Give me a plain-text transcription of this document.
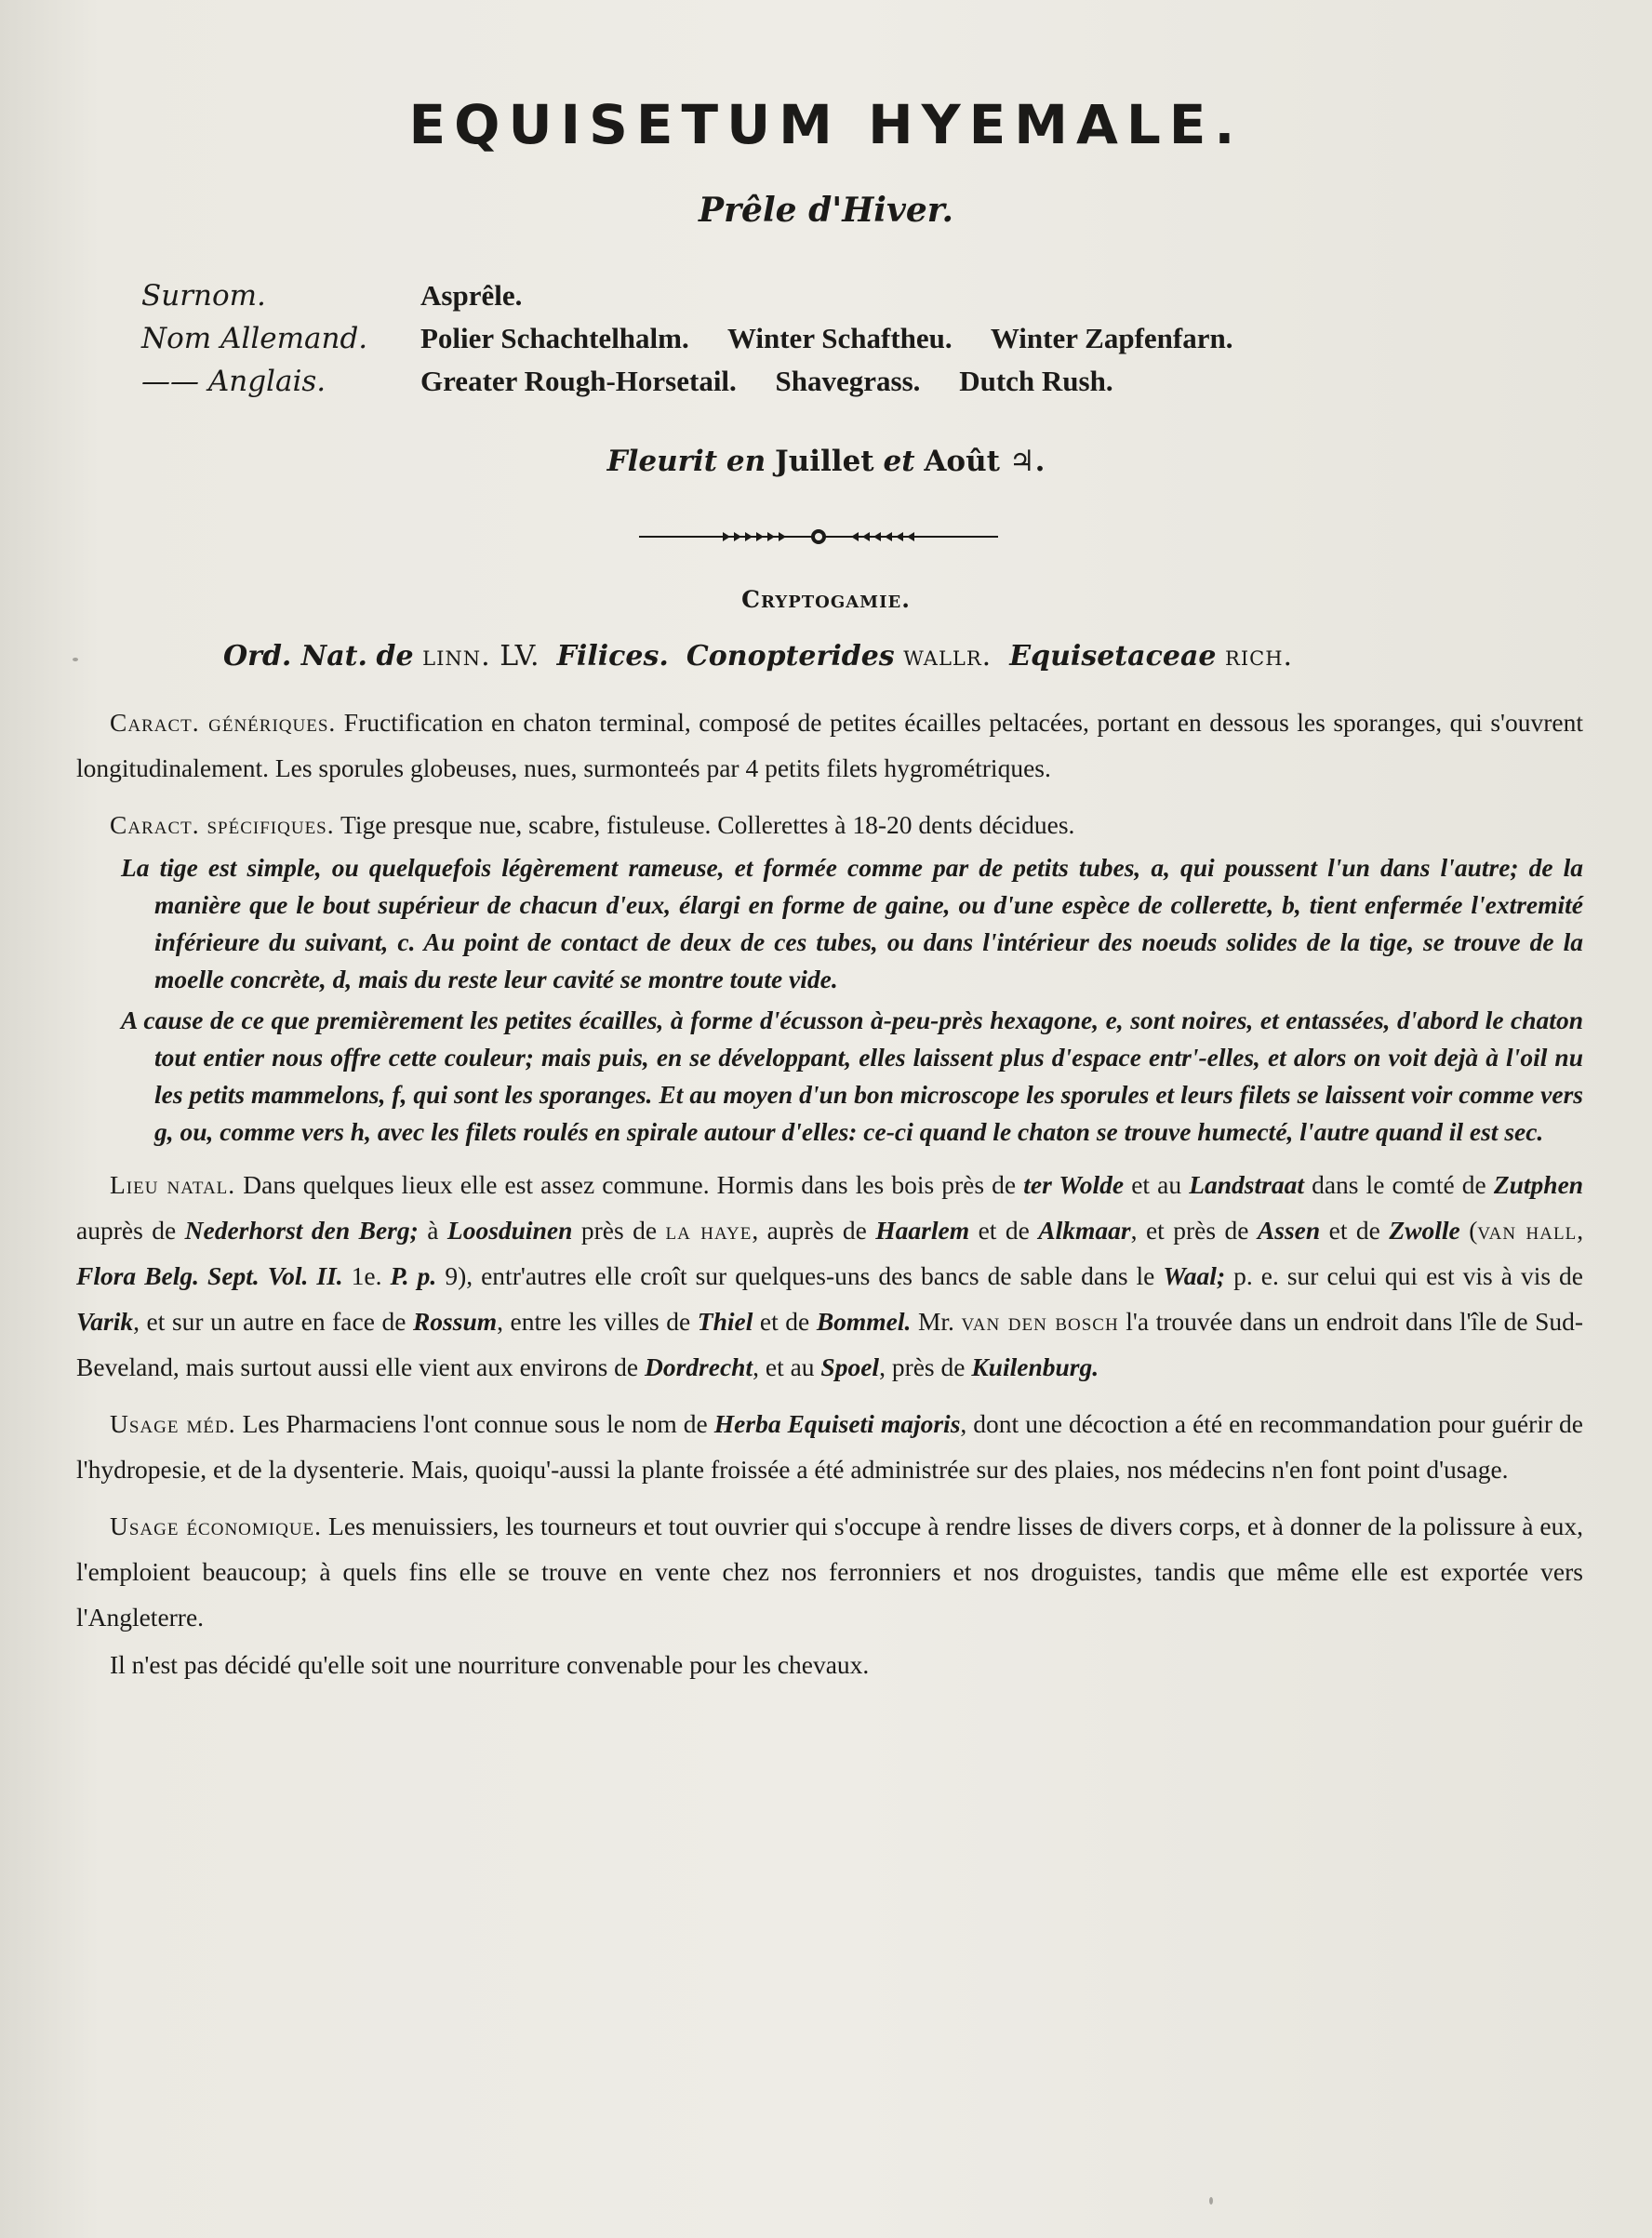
EQUISETUM HYEMALE.
Prêle d'Hiver.
Surnom.	Asprêle.
Nom Allemand.	Polier Schachtelhalm. Winter Schaftheu. Winter Zapfenfarn.
—— Anglais.	Greater Rough-Horsetail. Shavegrass. Dutch Rush.
Fleurit en Juillet et Août ♃.
Cryptogamie.
Ord. Nat. de linn. LV. Filices. Conopterides wallr. Equisetaceae rich.

Caract. génériques. Fructification en chaton terminal, composé de petites écailles peltacées, portant en dessous les sporanges, qui s'ouvrent longitudinalement. Les sporules globeuses, nues, surmonteés par 4 petits filets hygrométriques.

Caract. spécifiques. Tige presque nue, scabre, fistuleuse. Collerettes à 18-20 dents décidues.

La tige est simple, ou quelquefois légèrement rameuse, et formée comme par de petits tubes, a, qui poussent l'un dans l'autre; de la manière que le bout supérieur de chacun d'eux, élargi en forme de gaine, ou d'une espèce de collerette, b, tient enfermée l'extremité inférieure du suivant, c. Au point de contact de deux de ces tubes, ou dans l'intérieur des noeuds solides de la tige, se trouve de la moelle concrète, d, mais du reste leur cavité se montre toute vide.

A cause de ce que premièrement les petites écailles, à forme d'écusson à-peu-près hexagone, e, sont noires, et entassées, d'abord le chaton tout entier nous offre cette couleur; mais puis, en se développant, elles laissent plus d'espace entr'-elles, et alors on voit dejà à l'oil nu les petits mammelons, f, qui sont les sporanges. Et au moyen d'un bon microscope les sporules et leurs filets se laissent voir comme vers g, ou, comme vers h, avec les filets roulés en spirale autour d'elles: ce-ci quand le chaton se trouve humecté, l'autre quand il est sec.

Lieu natal. Dans quelques lieux elle est assez commune. Hormis dans les bois près de ter Wolde et au Landstraat dans le comté de Zutphen auprès de Nederhorst den Berg; à Loosduinen près de la haye, auprès de Haarlem et de Alkmaar, et près de Assen et de Zwolle (van hall, Flora Belg. Sept. Vol. II. 1e. P. p. 9), entr'autres elle croît sur quelques-uns des bancs de sable dans le Waal; p. e. sur celui qui est vis à vis de Varik, et sur un autre en face de Rossum, entre les villes de Thiel et de Bommel. Mr. van den bosch l'a trouvée dans un endroit dans l'île de Sud-Beveland, mais surtout aussi elle vient aux environs de Dordrecht, et au Spoel, près de Kuilenburg.

Usage méd. Les Pharmaciens l'ont connue sous le nom de Herba Equiseti majoris, dont une décoction a été en recommandation pour guérir de l'hydropesie, et de la dysenterie. Mais, quoiqu'-aussi la plante froissée a été administrée sur des plaies, nos médecins n'en font point d'usage.

Usage économique. Les menuissiers, les tourneurs et tout ouvrier qui s'occupe à rendre lisses de divers corps, et à donner de la polissure à eux, l'emploient beaucoup; à quels fins elle se trouve en vente chez nos ferronniers et nos droguistes, tandis que même elle est exportée vers l'Angleterre.

Il n'est pas décidé qu'elle soit une nourriture convenable pour les chevaux.
